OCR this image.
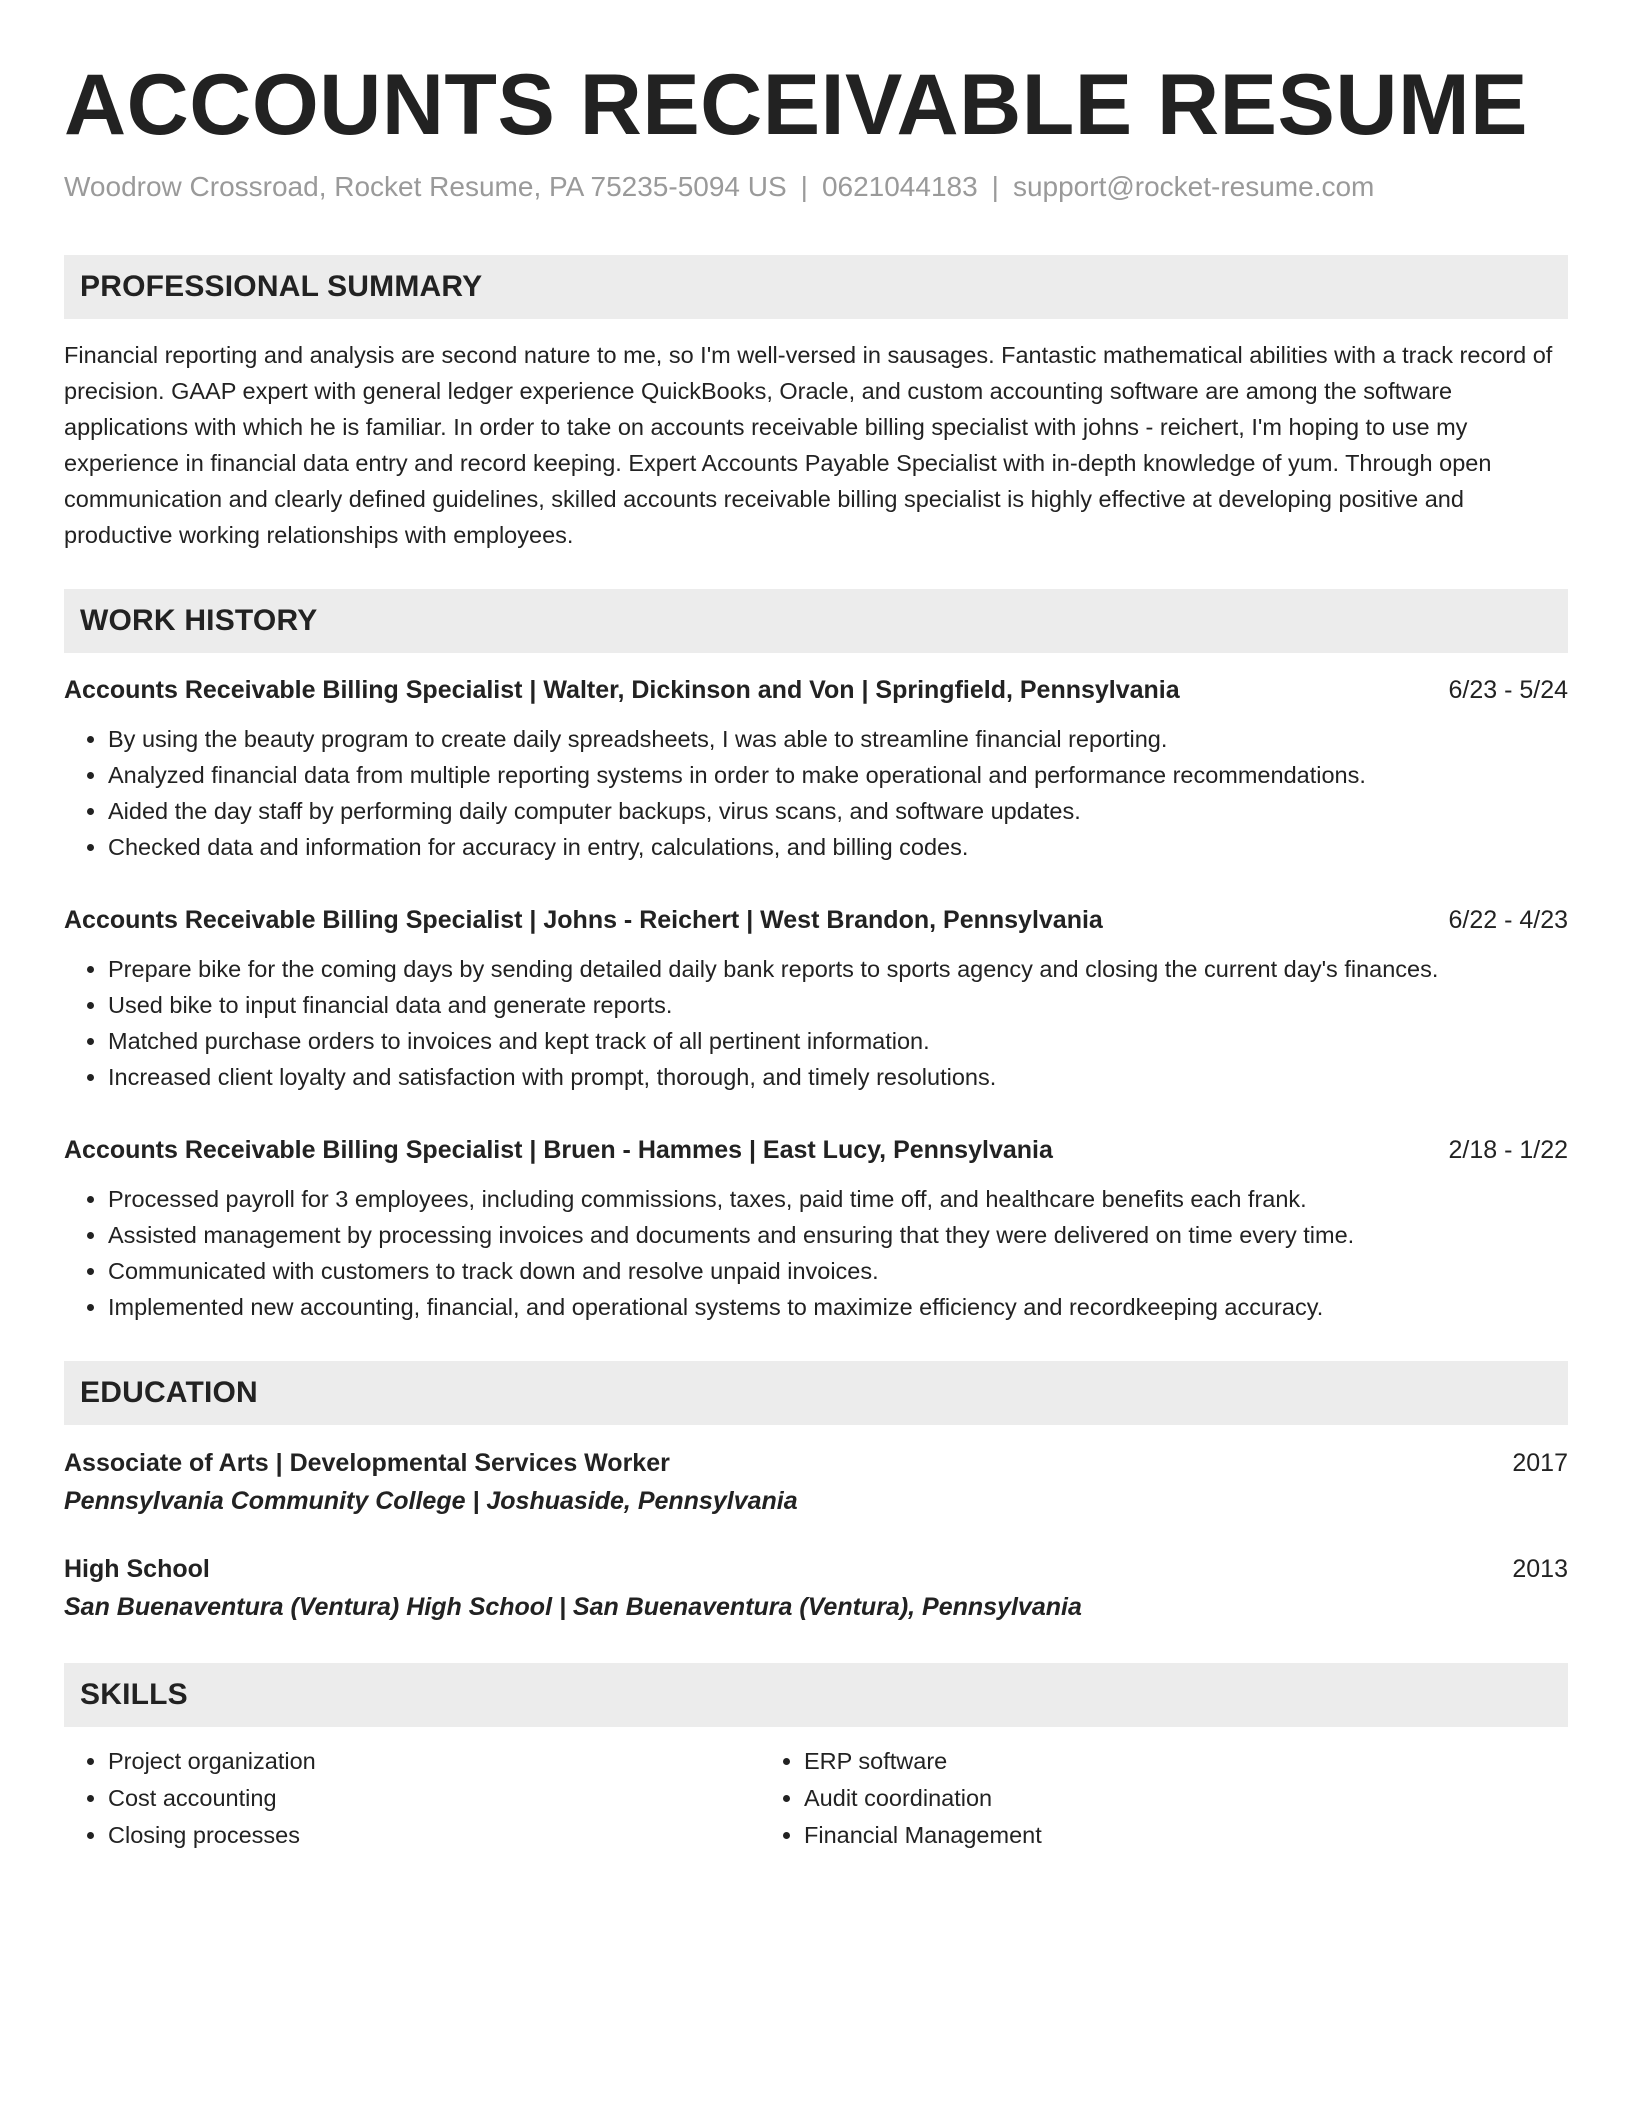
ACCOUNTS RECEIVABLE RESUME
Woodrow Crossroad, Rocket Resume, PA 75235-5094 US | 0621044183 | support@rocket-resume.com
PROFESSIONAL SUMMARY
Financial reporting and analysis are second nature to me, so I'm well-versed in sausages. Fantastic mathematical abilities with a track record of precision. GAAP expert with general ledger experience QuickBooks, Oracle, and custom accounting software are among the software applications with which he is familiar. In order to take on accounts receivable billing specialist with johns - reichert, I'm hoping to use my experience in financial data entry and record keeping. Expert Accounts Payable Specialist with in-depth knowledge of yum. Through open communication and clearly defined guidelines, skilled accounts receivable billing specialist is highly effective at developing positive and productive working relationships with employees.
WORK HISTORY
Accounts Receivable Billing Specialist | Walter, Dickinson and Von | Springfield, Pennsylvania	6/23 - 5/24
• By using the beauty program to create daily spreadsheets, I was able to streamline financial reporting.
• Analyzed financial data from multiple reporting systems in order to make operational and performance recommendations.
• Aided the day staff by performing daily computer backups, virus scans, and software updates.
• Checked data and information for accuracy in entry, calculations, and billing codes.
Accounts Receivable Billing Specialist | Johns - Reichert | West Brandon, Pennsylvania	6/22 - 4/23
• Prepare bike for the coming days by sending detailed daily bank reports to sports agency and closing the current day's finances.
• Used bike to input financial data and generate reports.
• Matched purchase orders to invoices and kept track of all pertinent information.
• Increased client loyalty and satisfaction with prompt, thorough, and timely resolutions.
Accounts Receivable Billing Specialist | Bruen - Hammes | East Lucy, Pennsylvania	2/18 - 1/22
• Processed payroll for 3 employees, including commissions, taxes, paid time off, and healthcare benefits each frank.
• Assisted management by processing invoices and documents and ensuring that they were delivered on time every time.
• Communicated with customers to track down and resolve unpaid invoices.
• Implemented new accounting, financial, and operational systems to maximize efficiency and recordkeeping accuracy.
EDUCATION
Associate of Arts | Developmental Services Worker	2017
Pennsylvania Community College | Joshuaside, Pennsylvania
High School	2013
San Buenaventura (Ventura) High School | San Buenaventura (Ventura), Pennsylvania
SKILLS
• Project organization
• Cost accounting
• Closing processes
• ERP software
• Audit coordination
• Financial Management
